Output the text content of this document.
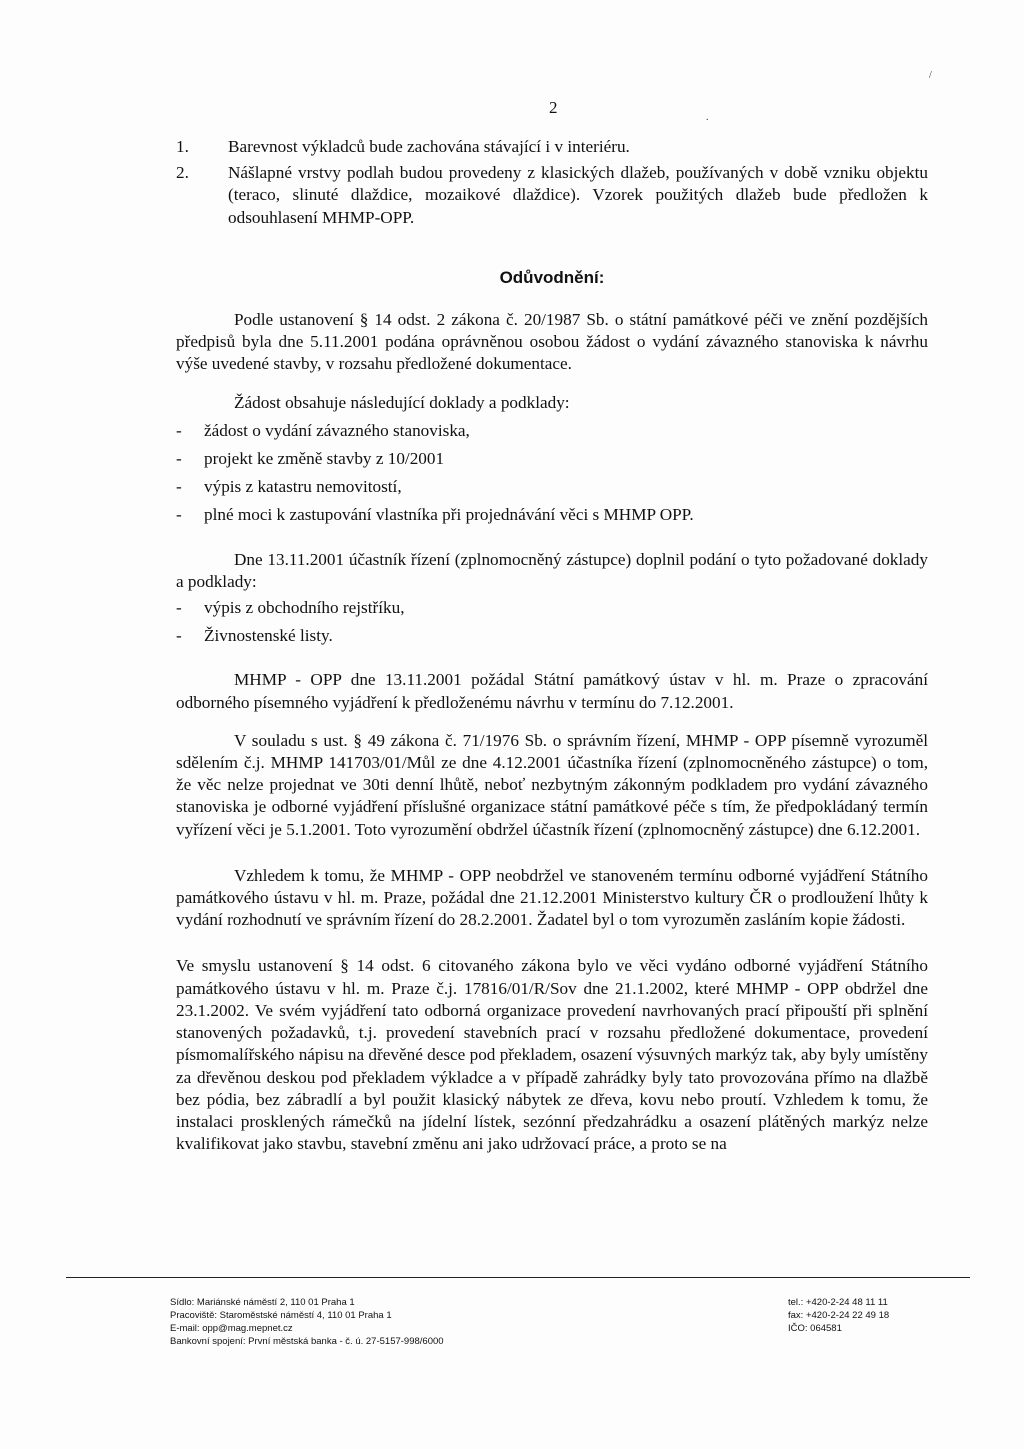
/
.
2
1.	Barevnost výkladců bude zachována stávající i v interiéru.
2.	Nášlapné vrstvy podlah budou provedeny z klasických dlažeb, používaných v době vzniku objektu (teraco, slinuté dlaždice, mozaikové dlaždice). Vzorek použitých dlažeb bude předložen k odsouhlasení MHMP-OPP.
Odůvodnění:

Podle ustanovení § 14 odst. 2 zákona č. 20/1987 Sb. o státní památkové péči ve znění pozdějších předpisů byla dne 5.11.2001 podána oprávněnou osobou žádost o vydání závazného stanoviska k návrhu výše uvedené stavby, v rozsahu předložené dokumentace.

Žádost obsahuje následující doklady a podklady:

- žádost o vydání závazného stanoviska,
- projekt ke změně stavby z 10/2001
- výpis z katastru nemovitostí,
- plné moci k zastupování vlastníka při projednávání věci s MHMP OPP.

Dne 13.11.2001 účastník řízení (zplnomocněný zástupce) doplnil podání o tyto požadované doklady a podklady:

- výpis z obchodního rejstříku,
- Živnostenské listy.

MHMP - OPP dne 13.11.2001 požádal Státní památkový ústav v hl. m. Praze o zpracování odborného písemného vyjádření k předloženému návrhu v termínu do 7.12.2001.

V souladu s ust. § 49 zákona č. 71/1976 Sb. o správním řízení, MHMP - OPP písemně vyrozuměl sdělením č.j. MHMP 141703/01/Můl ze dne 4.12.2001 účastníka řízení (zplnomocněného zástupce) o tom, že věc nelze projednat ve 30ti denní lhůtě, neboť nezbytným zákonným podkladem pro vydání závazného stanoviska je odborné vyjádření příslušné organizace státní památkové péče s tím, že předpokládaný termín vyřízení věci je 5.1.2001. Toto vyrozumění obdržel účastník řízení (zplnomocněný zástupce) dne 6.12.2001.

Vzhledem k tomu, že MHMP - OPP neobdržel ve stanoveném termínu odborné vyjádření Státního památkového ústavu v hl. m. Praze, požádal dne 21.12.2001 Ministerstvo kultury ČR o prodloužení lhůty k vydání rozhodnutí ve správním řízení do 28.2.2001. Žadatel byl o tom vyrozuměn zasláním kopie žádosti.

Ve smyslu ustanovení § 14 odst. 6 citovaného zákona bylo ve věci vydáno odborné vyjádření Státního památkového ústavu v hl. m. Praze č.j. 17816/01/R/Sov dne 21.1.2002, které MHMP - OPP obdržel dne 23.1.2002. Ve svém vyjádření tato odborná organizace provedení navrhovaných prací připouští při splnění stanovených požadavků, t.j. provedení stavebních prací v rozsahu předložené dokumentace, provedení písmomalířského nápisu na dřevěné desce pod překladem, osazení výsuvných markýz tak, aby byly umístěny za dřevěnou deskou pod překladem výkladce a v případě zahrádky byly tato provozována přímo na dlažbě bez pódia, bez zábradlí a byl použit klasický nábytek ze dřeva, kovu nebo proutí. Vzhledem k tomu, že instalaci prosklených rámečků na jídelní lístek, sezónní předzahrádku a osazení plátěných markýz nelze kvalifikovat jako stavbu, stavební změnu ani jako udržovací práce, a proto se na

Sídlo: Mariánské náměstí 2, 110 01 Praha 1
Pracoviště: Staroměstské náměstí 4, 110 01 Praha 1
E-mail: opp@mag.mepnet.cz
Bankovní spojení: První městská banka - č. ú. 27-5157-998/6000
tel.: +420-2-24 48 11 11
fax: +420-2-24 22 49 18
IČO: 064581
